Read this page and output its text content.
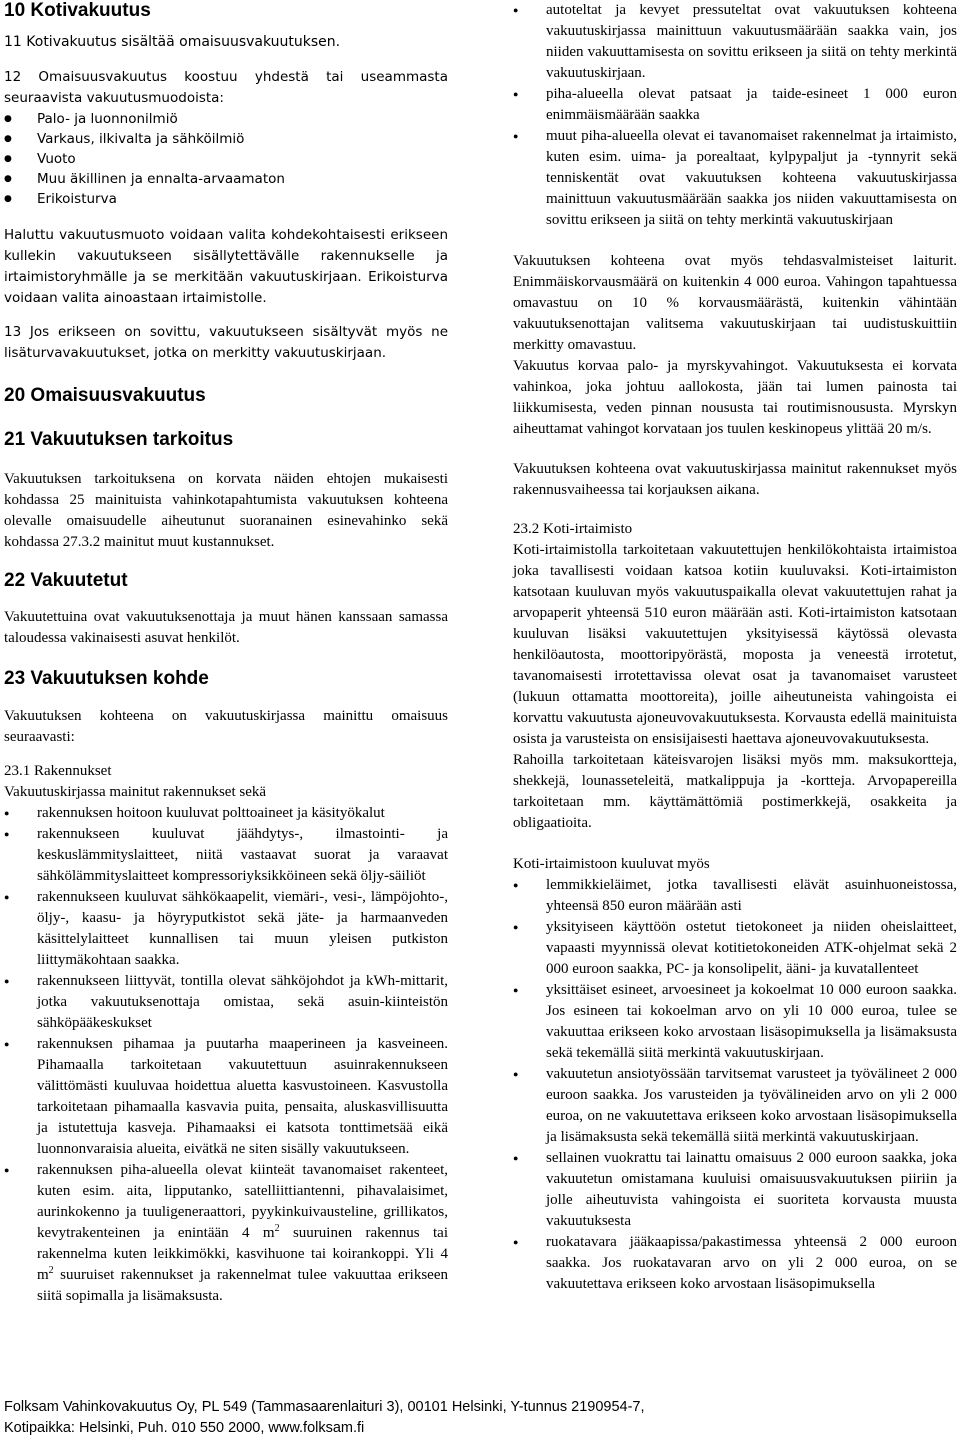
10 Kotivakuutus

11 Kotivakuutus sisältää omaisuusvakuutuksen.

12 Omaisuusvakuutus koostuu yhdestä tai useammasta seuraavista vakuutusmuodoista:

● Palo- ja luonnonilmiö
● Varkaus, ilkivalta ja sähköilmiö
● Vuoto
● Muu äkillinen ja ennalta-arvaamaton
● Erikoisturva

Haluttu vakuutusmuoto voidaan valita kohdekohtaisesti erikseen kullekin vakuutukseen sisällytettävälle rakennukselle ja irtaimistoryhmälle ja se merkitään vakuutuskirjaan. Erikoisturva voidaan valita ainoastaan irtaimistolle.

13 Jos erikseen on sovittu, vakuutukseen sisältyvät myös ne lisäturvavakuutukset, jotka on merkitty vakuutuskirjaan.

20 Omaisuusvakuutus
21 Vakuutuksen tarkoitus

Vakuutuksen tarkoituksena on korvata näiden ehtojen mukaisesti kohdassa 25 mainituista vahinkotapahtumista vakuutuksen kohteena olevalle omaisuudelle aiheutunut suoranainen esinevahinko sekä kohdassa 27.3.2 mainitut muut kustannukset.

22 Vakuutetut

Vakuutettuina ovat vakuutuksenottaja ja muut hänen kanssaan samassa taloudessa vakinaisesti asuvat henkilöt.

23 Vakuutuksen kohde

Vakuutuksen kohteena on vakuutuskirjassa mainittu omaisuus seuraavasti:

23.1 Rakennukset

Vakuutuskirjassa mainitut rakennukset sekä

● rakennuksen hoitoon kuuluvat polttoaineet ja käsityökalut
● rakennukseen kuuluvat jäähdytys-, ilmastointi- ja keskuslämmityslaitteet, niitä vastaavat suorat ja varaavat sähkölämmityslaitteet kompressoriyksikköineen sekä öljy-säiliöt
● rakennukseen kuuluvat sähkökaapelit, viemäri-, vesi-, lämpöjohto-, öljy-, kaasu- ja höyryputkistot sekä jäte- ja harmaanveden käsittelylaitteet kunnallisen tai muun yleisen putkiston liittymäkohtaan saakka.
● rakennukseen liittyvät, tontilla olevat sähköjohdot ja kWh-mittarit, jotka vakuutuksenottaja omistaa, sekä asuin-kiinteistön sähköpääkeskukset
● rakennuksen pihamaa ja puutarha maaperineen ja kasveineen. Pihamaalla tarkoitetaan vakuutettuun asuinrakennukseen välittömästi kuuluvaa hoidettua aluetta kasvustoineen. Kasvustolla tarkoitetaan pihamaalla kasvavia puita, pensaita, aluskasvillisuutta ja istutettuja kasveja. Pihamaaksi ei katsota tonttimetsää eikä luonnonvaraisia alueita, eivätkä ne siten sisälly vakuutukseen.
● rakennuksen piha-alueella olevat kiinteät tavanomaiset rakenteet, kuten esim. aita, lipputanko, satelliittiantenni, pihavalaisimet, aurinkokenno ja tuuligeneraattori, pyykinkuivausteline, grillikatos, kevytrakenteinen ja enintään 4 $m^2$ suuruinen rakennus tai rakennelma kuten leikkimökki, kasvihuone tai koirankoppi. Yli 4 $m^2$ suuruiset rakennukset ja rakennelmat tulee vakuuttaa erikseen siitä sopimalla ja lisämaksusta.
● autoteltat ja kevyet pressuteltat ovat vakuutuksen kohteena vakuutuskirjassa mainittuun vakuutusmäärään saakka vain, jos niiden vakuuttamisesta on sovittu erikseen ja siitä on tehty merkintä vakuutuskirjaan.
● piha-alueella olevat patsaat ja taide-esineet 1 000 euron enimmäismäärään saakka
● muut piha-alueella olevat ei tavanomaiset rakennelmat ja irtaimisto, kuten esim. uima- ja porealtaat, kylpypaljut ja -tynnyrit sekä tenniskentät ovat vakuutuksen kohteena vakuutuskirjassa mainittuun vakuutusmäärään saakka jos niiden vakuuttamisesta on sovittu erikseen ja siitä on tehty merkintä vakuutuskirjaan

Vakuutuksen kohteena ovat myös tehdasvalmisteiset laiturit. Enimmäiskorvausmäärä on kuitenkin 4 000 euroa. Vahingon tapahtuessa omavastuu on 10 % korvausmäärästä, kuitenkin vähintään vakuutuksenottajan valitsema vakuutuskirjaan tai uudistuskuittiin merkitty omavastuu.

Vakuutus korvaa palo- ja myrskyvahingot. Vakuutuksesta ei korvata vahinkoa, joka johtuu aallokosta, jään tai lumen painosta tai liikkumisesta, veden pinnan noususta tai routimisnoususta. Myrskyn aiheuttamat vahingot korvataan jos tuulen keskinopeus ylittää 20 m/s.

Vakuutuksen kohteena ovat vakuutuskirjassa mainitut rakennukset myös rakennusvaiheessa tai korjauksen aikana.

23.2 Koti-irtaimisto

Koti-irtaimistolla tarkoitetaan vakuutettujen henkilökohtaista irtaimistoa joka tavallisesti voidaan katsoa kotiin kuuluvaksi. Koti-irtaimiston katsotaan kuuluvan myös vakuutuspaikalla olevat vakuutettujen rahat ja arvopaperit yhteensä 510 euron määrään asti. Koti-irtaimiston katsotaan kuuluvan lisäksi vakuutettujen yksityisessä käytössä olevasta henkilöautosta, moottoripyörästä, moposta ja veneestä irrotetut, tavanomaisesti irrotettavissa olevat osat ja tavanomaiset varusteet (lukuun ottamatta moottoreita), joille aiheutuneista vahingoista ei korvattu vakuutusta ajoneuvovakuutuksesta. Korvausta edellä mainituista osista ja varusteista on ensisijaisesti haettava ajoneuvovakuutuksesta.

Rahoilla tarkoitetaan käteisvarojen lisäksi myös mm. maksukortteja, shekkejä, lounasseteleitä, matkalippuja ja -kortteja. Arvopapereilla tarkoitetaan mm. käyttämättömiä postimerkkejä, osakkeita ja obligaatioita.

Koti-irtaimistoon kuuluvat myös

● lemmikkieläimet, jotka tavallisesti elävät asuinhuoneistossa, yhteensä 850 euron määrään asti
● yksityiseen käyttöön ostetut tietokoneet ja niiden oheislaitteet, vapaasti myynnissä olevat kotitietokoneiden ATK-ohjelmat sekä 2 000 euroon saakka, PC- ja konsolipelit, ääni- ja kuvatallenteet
● yksittäiset esineet, arvoesineet ja kokoelmat 10 000 euroon saakka. Jos esineen tai kokoelman arvo on yli 10 000 euroa, tulee se vakuuttaa erikseen koko arvostaan lisäsopimuksella ja lisämaksusta sekä tekemällä siitä merkintä vakuutuskirjaan.
● vakuutetun ansiotyössään tarvitsemat varusteet ja työvälineet 2 000 euroon saakka. Jos varusteiden ja työvälineiden arvo on yli 2 000 euroa, on ne vakuutettava erikseen koko arvostaan lisäsopimuksella ja lisämaksusta sekä tekemällä siitä merkintä vakuutuskirjaan.
● sellainen vuokrattu tai lainattu omaisuus 2 000 euroon saakka, joka vakuutetun omistamana kuuluisi omaisuusvakuutuksen piiriin ja jolle aiheutuvista vahingoista ei suoriteta korvausta muusta vakuutuksesta
● ruokatavara jääkaapissa/pakastimessa yhteensä 2 000 euroon saakka. Jos ruokatavaran arvo on yli 2 000 euroa, on se vakuutettava erikseen koko arvostaan lisäsopimuksella
Folksam Vahinkovakuutus Oy, PL 549 (Tammasaarenlaituri 3), 00101 Helsinki, Y-tunnus 2190954-7,
Kotipaikka: Helsinki, Puh. 010 550 2000, www.folksam.fi
